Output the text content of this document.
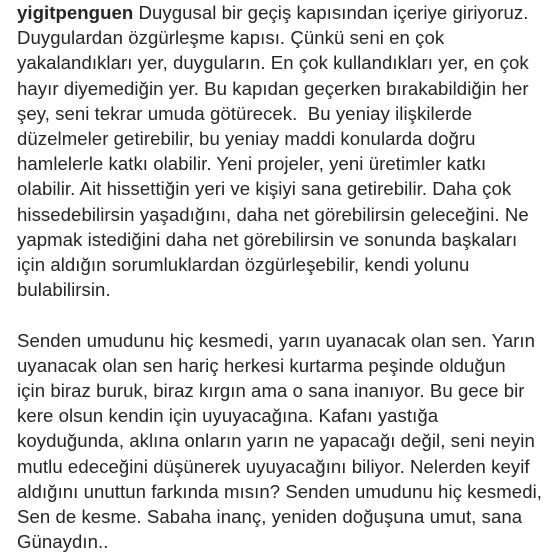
yigitpenguen Duygusal bir geçiş kapısından içeriye giriyoruz.
Duygulardan özgürleşme kapısı. Çünkü seni en çok
yakalandıkları yer, duyguların. En çok kullandıkları yer, en çok
hayır diyemediğin yer. Bu kapıdan geçerken bırakabildiğin her
şey, seni tekrar umuda götürecek.  Bu yeniay ilişkilerde
düzelmeler getirebilir, bu yeniay maddi konularda doğru
hamlelerle katkı olabilir. Yeni projeler, yeni üretimler katkı
olabilir. Ait hissettiğin yeri ve kişiyi sana getirebilir. Daha çok
hissedebilirsin yaşadığını, daha net görebilirsin geleceğini. Ne
yapmak istediğini daha net görebilirsin ve sonunda başkaları
için aldığın sorumluklardan özgürleşebilir, kendi yolunu
bulabilirsin.

Senden umudunu hiç kesmedi, yarın uyanacak olan sen. Yarın
uyanacak olan sen hariç herkesi kurtarma peşinde olduğun
için biraz buruk, biraz kırgın ama o sana inanıyor. Bu gece bir
kere olsun kendin için uyuyacağına. Kafanı yastığa
koyduğunda, aklına onların yarın ne yapacağı değil, seni neyin
mutlu edeceğini düşünerek uyuyacağını biliyor. Nelerden keyif
aldığını unuttun farkında mısın? Senden umudunu hiç kesmedi,
Sen de kesme. Sabaha inanç, yeniden doğuşuna umut, sana
Günaydın..
